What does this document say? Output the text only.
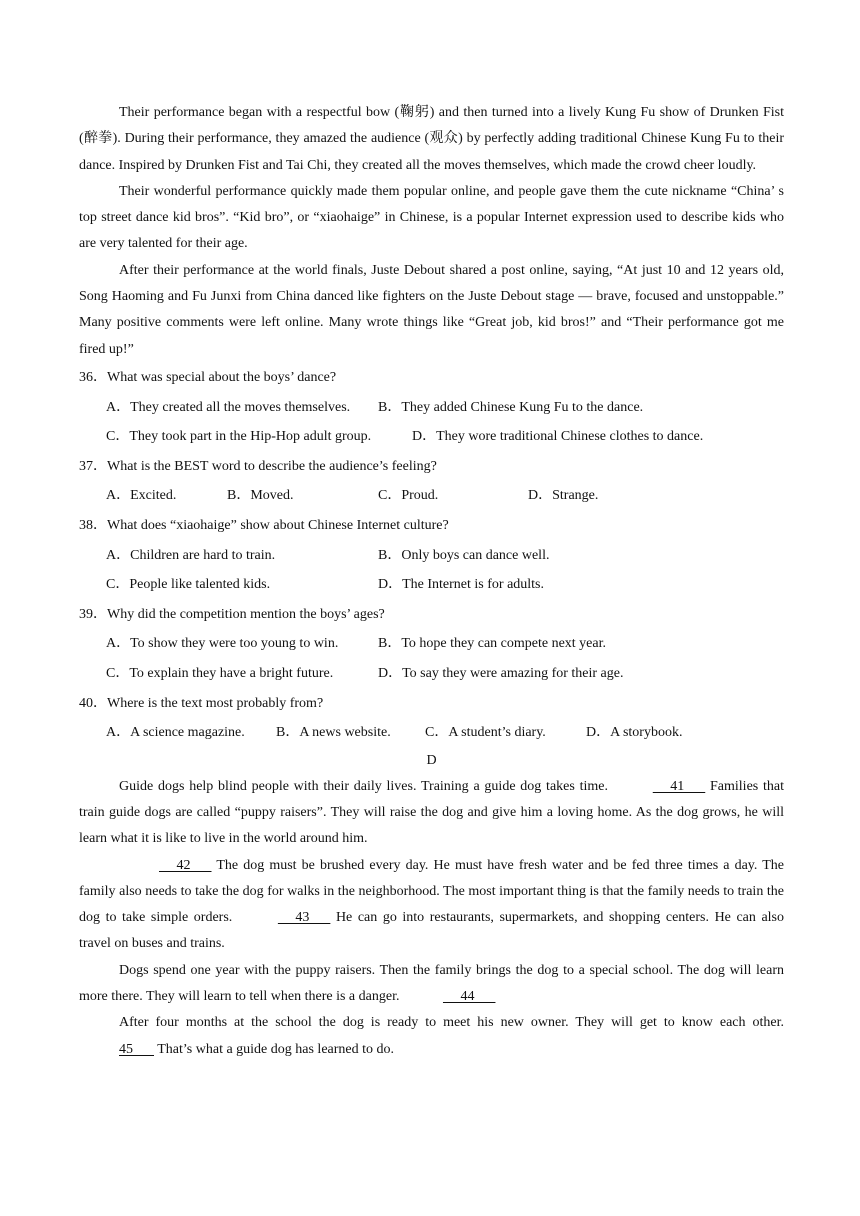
Their performance began with a respectful bow (鞠躬) and then turned into a lively Kung Fu show of Drunken Fist (醉拳). During their performance, they amazed the audience (观众) by perfectly adding traditional Chinese Kung Fu to their dance. Inspired by Drunken Fist and Tai Chi, they created all the moves themselves, which made the crowd cheer loudly.

Their wonderful performance quickly made them popular online, and people gave them the cute nickname “China’ s top street dance kid bros”. “Kid bro”, or “xiaohaige” in Chinese, is a popular Internet expression used to describe kids who are very talented for their age.

After their performance at the world finals, Juste Debout shared a post online, saying, “At just 10 and 12 years old, Song Haoming and Fu Junxi from China danced like fighters on the Juste Debout stage — brave, focused and unstoppable.” Many positive comments were left online. Many wrote things like “Great job, kid bros!” and “Their performance got me fired up!”

36．What was special about the boys’ dance?

A．They created all the moves themselves. B．They added Chinese Kung Fu to the dance.
C．They took part in the Hip-Hop adult group.	D．They wore traditional Chinese clothes to dance.

37．What is the BEST word to describe the audience’s feeling?

A．Excited.	B．Moved.	C．Proud.	D．Strange.

38．What does “xiaohaige” show about Chinese Internet culture?

A．Children are hard to train.	B．Only boys can dance well.
C．People like talented kids.	D．The Internet is for adults.

39．Why did the competition mention the boys’ ages?

A．To show they were too young to win.	B．To hope they can compete next year.
C．To explain they have a bright future.	D．To say they were amazing for their age.

40．Where is the text most probably from?

A．A science magazine. B．A news website. C．A student’s diary.	D．A storybook.

D

Guide dogs help blind people with their daily lives. Training a guide dog takes time.	41       Families that train guide dogs are called “puppy raisers”. They will raise the dog and give him a loving home. As the dog grows, he will learn what it is like to live in the world around him.

42       The dog must be brushed every day. He must have fresh water and be fed three times a day. The family also needs to take the dog for walks in the neighborhood. The most important thing is that the family needs to train the dog to take simple orders.	43       He can go into restaurants, supermarkets, and shopping centers. He can also travel on buses and trains.

Dogs spend one year with the puppy raisers. Then the family brings the dog to a special school. The dog will learn more there. They will learn to tell when there is a danger.	44

After four months at the school the dog is ready to meet his new owner. They will get to know each other. 45       That’s what a guide dog has learned to do.
